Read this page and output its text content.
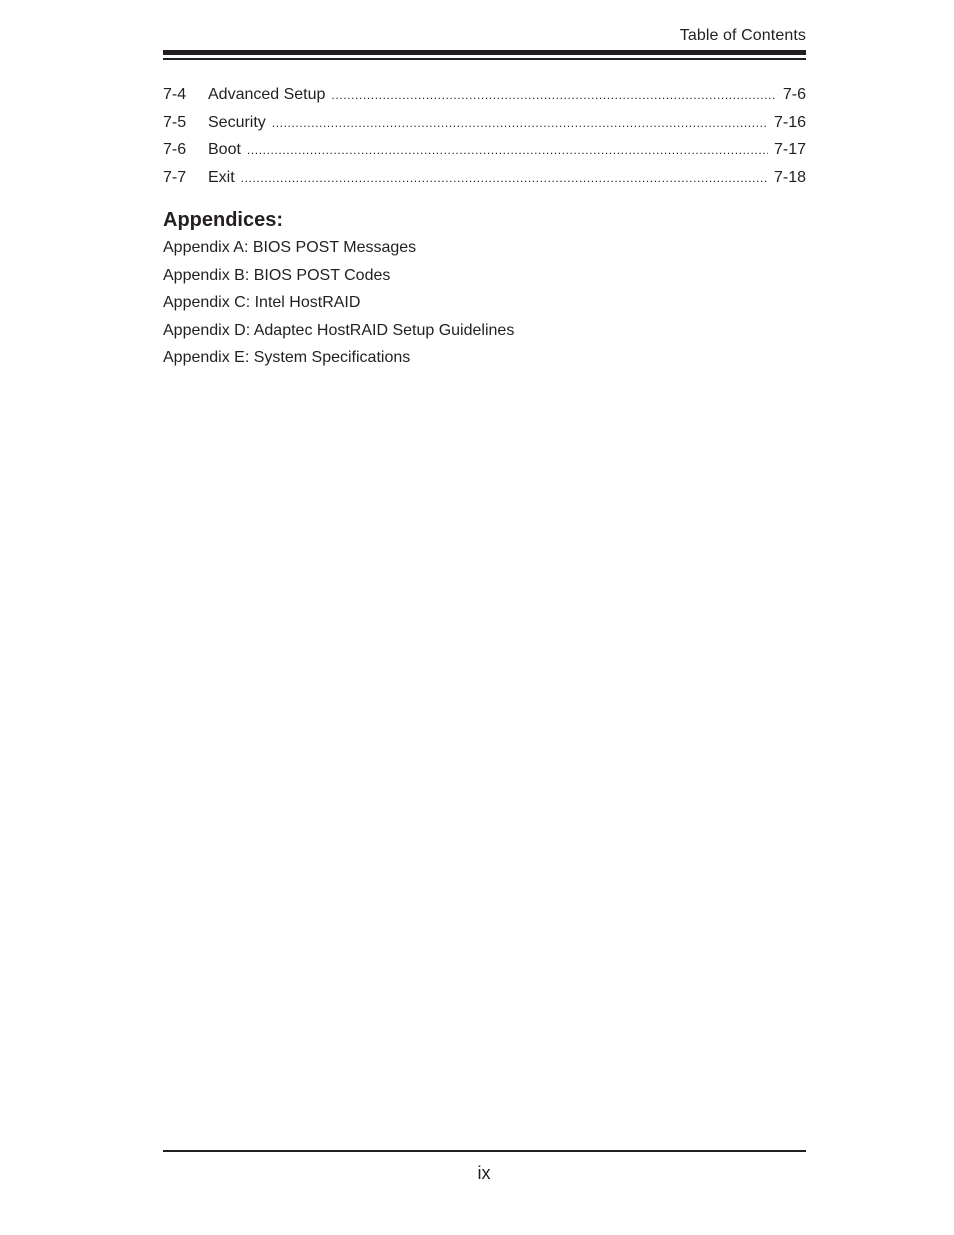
Table of Contents
7-4	Advanced Setup .....	7-6
7-5	Security .....	7-16
7-6	Boot .....	7-17
7-7	Exit .....	7-18
Appendices:
Appendix A: BIOS POST Messages
Appendix B: BIOS POST Codes
Appendix C: Intel HostRAID
Appendix D: Adaptec HostRAID Setup Guidelines
Appendix E: System Specifications
ix
